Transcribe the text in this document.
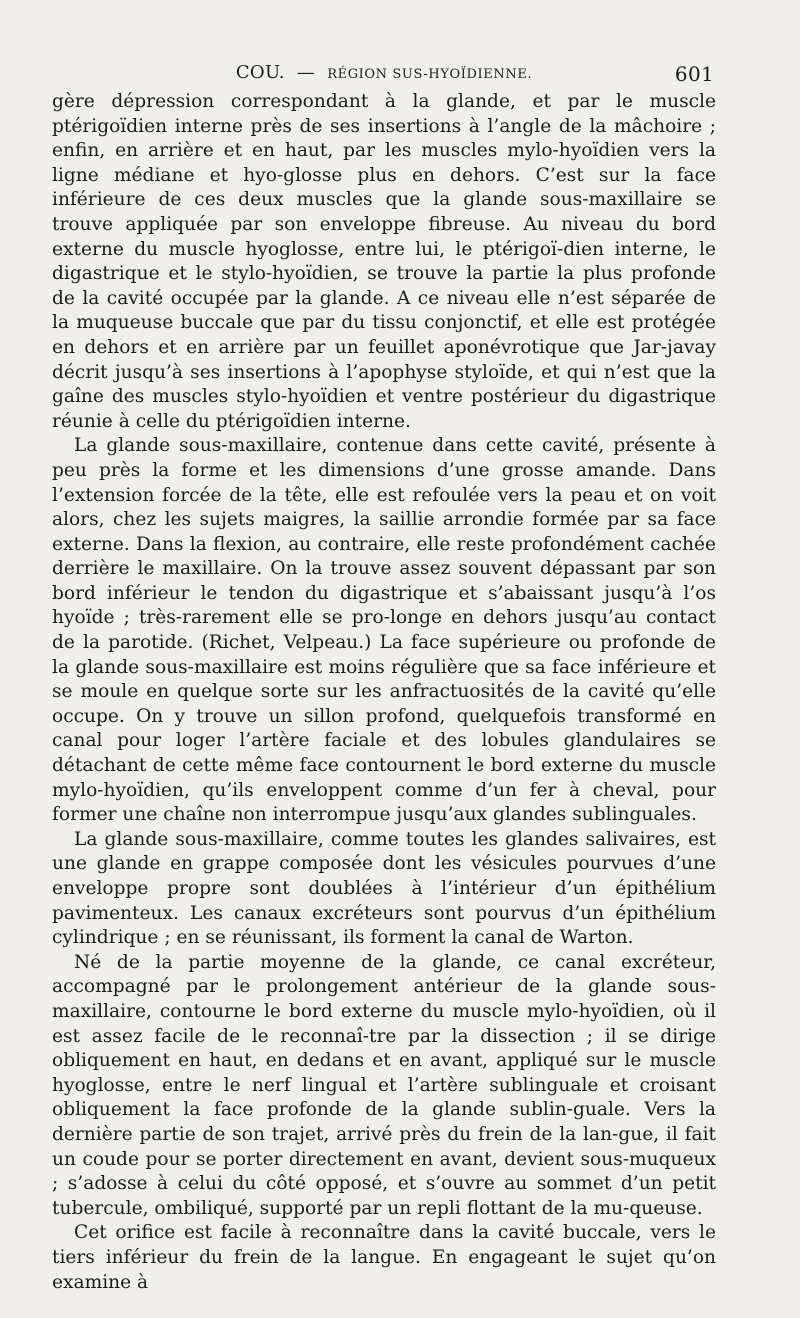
COU. — RÉGION SUS-HYOÏDIENNE.	601

gère dépression correspondant à la glande, et par le muscle ptérigoïdien interne près de ses insertions à l’angle de la mâchoire ; enfin, en arrière et en haut, par les muscles mylo-hyoïdien vers la ligne médiane et hyo-glosse plus en dehors. C’est sur la face inférieure de ces deux muscles que la glande sous-maxillaire se trouve appliquée par son enveloppe fibreuse. Au niveau du bord externe du muscle hyoglosse, entre lui, le ptérigoï-dien interne, le digastrique et le stylo-hyoïdien, se trouve la partie la plus profonde de la cavité occupée par la glande. A ce niveau elle n’est séparée de la muqueuse buccale que par du tissu conjonctif, et elle est protégée en dehors et en arrière par un feuillet aponévrotique que Jar-javay décrit jusqu’à ses insertions à l’apophyse styloïde, et qui n’est que la gaîne des muscles stylo-hyoïdien et ventre postérieur du digastrique réunie à celle du ptérigoïdien interne.

La glande sous-maxillaire, contenue dans cette cavité, présente à peu près la forme et les dimensions d’une grosse amande. Dans l’extension forcée de la tête, elle est refoulée vers la peau et on voit alors, chez les sujets maigres, la saillie arrondie formée par sa face externe. Dans la flexion, au contraire, elle reste profondément cachée derrière le maxillaire. On la trouve assez souvent dépassant par son bord inférieur le tendon du digastrique et s’abaissant jusqu’à l’os hyoïde ; très-rarement elle se pro-longe en dehors jusqu’au contact de la parotide. (Richet, Velpeau.) La face supérieure ou profonde de la glande sous-maxillaire est moins régulière que sa face inférieure et se moule en quelque sorte sur les anfractuosités de la cavité qu’elle occupe. On y trouve un sillon profond, quelquefois transformé en canal pour loger l’artère faciale et des lobules glandulaires se détachant de cette même face contournent le bord externe du muscle mylo-hyoïdien, qu’ils enveloppent comme d’un fer à cheval, pour former une chaîne non interrompue jusqu’aux glandes sublinguales.

La glande sous-maxillaire, comme toutes les glandes salivaires, est une glande en grappe composée dont les vésicules pourvues d’une enveloppe propre sont doublées à l’intérieur d’un épithélium pavimenteux. Les canaux excréteurs sont pourvus d’un épithélium cylindrique ; en se réunissant, ils forment la canal de Warton.

Né de la partie moyenne de la glande, ce canal excréteur, accompagné par le prolongement antérieur de la glande sous-maxillaire, contourne le bord externe du muscle mylo-hyoïdien, où il est assez facile de le reconnaî-tre par la dissection ; il se dirige obliquement en haut, en dedans et en avant, appliqué sur le muscle hyoglosse, entre le nerf lingual et l’artère sublinguale et croisant obliquement la face profonde de la glande sublin-guale. Vers la dernière partie de son trajet, arrivé près du frein de la lan-gue, il fait un coude pour se porter directement en avant, devient sous-muqueux ; s’adosse à celui du côté opposé, et s’ouvre au sommet d’un petit tubercule, ombiliqué, supporté par un repli flottant de la mu-queuse.

Cet orifice est facile à reconnaître dans la cavité buccale, vers le tiers inférieur du frein de la langue. En engageant le sujet qu’on examine à
